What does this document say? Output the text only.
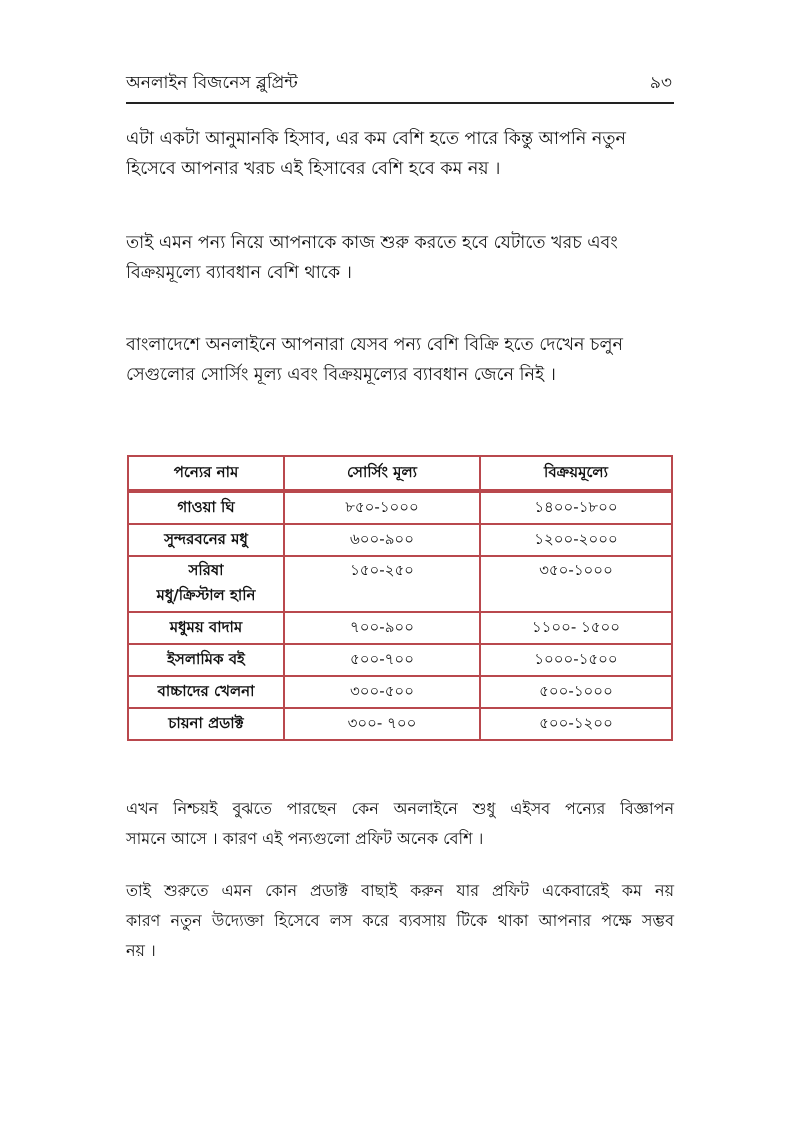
অনলাইন বিজনেস ব্লুপ্রিন্ট	৯৩

এটা একটা আনুমানকি হিসাব, এর কম বেশি হতে পারে কিন্তু আপনি নতুন
হিসেবে আপনার খরচ এই হিসাবের বেশি হবে কম নয় ।

তাই এমন পন্য নিয়ে আপনাকে কাজ শুরু করতে হবে যেটাতে খরচ এবং
বিক্রয়মূল্যে ব্যাবধান বেশি থাকে ।

বাংলাদেশে অনলাইনে আপনারা যেসব পন্য বেশি বিক্রি হতে দেখেন চলুন
সেগুলোর সোর্সিং মূল্য এবং বিক্রয়মূল্যের ব্যাবধান জেনে নিই ।

পন্যের নাম	সোর্সিং মূল্য	বিক্রয়মূল্যে
গাওয়া ঘি	৮৫০-১০০০	১৪০০-১৮০০
সুন্দরবনের মধু	৬০০-৯০০	১২০০-২০০০

সরিষা
মধু/ক্রিস্টাল হানি	১৫০-২৫০	৩৫০-১০০০
মধুময় বাদাম	৭০০-৯০০	১১০০- ১৫০০
ইসলামিক বই	৫০০-৭০০	১০০০-১৫০০
বাচ্চাদের খেলনা	৩০০-৫০০	৫০০-১০০০
চায়না প্রডাক্ট	৩০০- ৭০০	৫০০-১২০০

এখন নিশ্চয়ই বুঝতে পারছেন কেন অনলাইনে শুধু এইসব পন্যের বিজ্ঞাপন
সামনে আসে । কারণ এই পন্যগুলো প্রফিট অনেক বেশি ।

তাই শুরুতে এমন কোন প্রডাক্ট বাছাই করুন যার প্রফিট একেবারেই কম নয়
কারণ নতুন উদ্যেক্তা হিসেবে লস করে ব্যবসায় টিকে থাকা আপনার পক্ষে সম্ভব
নয় ।
